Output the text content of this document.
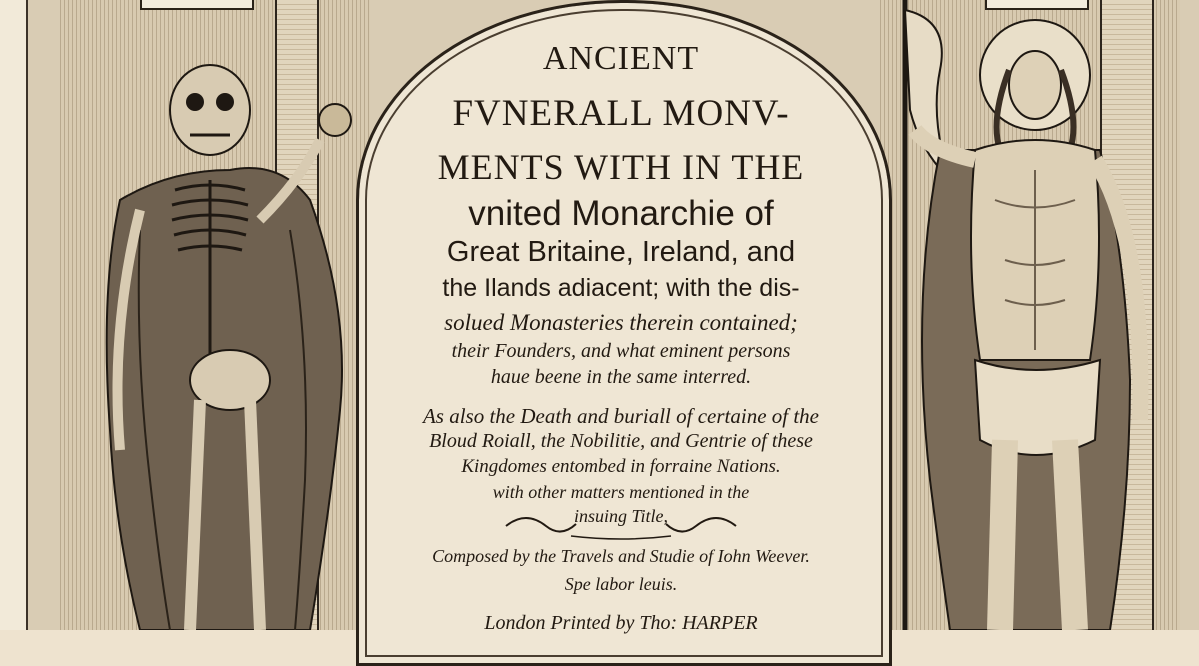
ANCIENT
FVNERALL MONV-
MENTS WITH IN THE
vnited Monarchie of
Great Britaine, Ireland, and
the Ilands adiacent; with the dis-
solued Monasteries therein contained;
their Founders, and what eminent persons
haue beene in the same interred.
As also the Death and buriall of certaine of the
Bloud Roiall, the Nobilitie, and Gentrie of these
Kingdomes entombed in forraine Nations.
with other matters mentioned in the
insuing Title,
Composed by the Travels and Studie of Iohn Weever.
Spe labor leuis.
London Printed by Tho: HARPER
